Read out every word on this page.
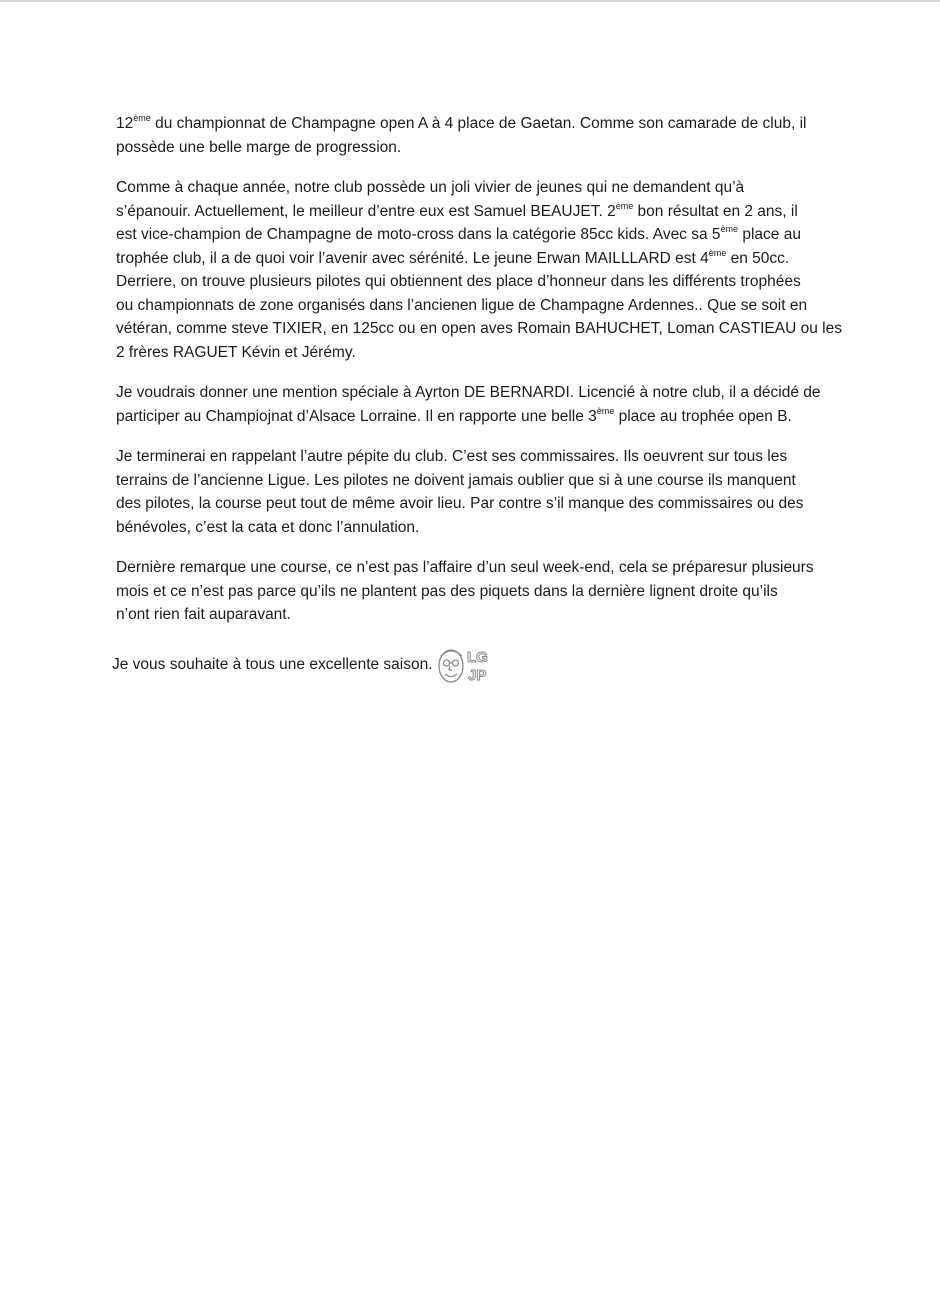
12ème du championnat de Champagne open A à 4 place de Gaetan. Comme son camarade de club, il
possède une belle marge de progression.

Comme à chaque année, notre club possède un joli vivier de jeunes qui ne demandent qu’à
s’épanouir. Actuellement, le meilleur d’entre eux est Samuel BEAUJET. 2ème bon résultat en 2 ans, il
est vice-champion de Champagne de moto-cross dans la catégorie 85cc kids. Avec sa 5ème place au
trophée club, il a de quoi voir l’avenir avec sérénité. Le jeune Erwan MAILLLARD est 4ème en 50cc.
Derriere, on trouve plusieurs pilotes qui obtiennent des place d’honneur dans les différents trophées
ou championnats de zone organisés dans l’ancienen ligue de Champagne Ardennes.. Que se soit en
vétéran, comme steve TIXIER, en 125cc ou en open aves Romain BAHUCHET, Loman CASTIEAU ou les
2 frères RAGUET Kévin et Jérémy.

Je voudrais donner une mention spéciale à Ayrton DE BERNARDI. Licencié à notre club, il a décidé de
participer au Champiojnat d’Alsace Lorraine. Il en rapporte une belle 3ème place au trophée open B.

Je terminerai en rappelant l’autre pépite du club. C’est ses commissaires. Ils oeuvrent sur tous les
terrains de l’ancienne Ligue. Les pilotes ne doivent jamais oublier que si à une course ils manquent
des pilotes, la course peut tout de même avoir lieu. Par contre s’il manque des commissaires ou des
bénévoles, c’est la cata et donc l’annulation.

Dernière remarque une course, ce n’est pas l’affaire d’un seul week-end, cela se préparesur plusieurs
mois et ce n’est pas parce qu’ils ne plantent pas des piquets dans la dernière lignent droite qu’ils
n’ont rien fait auparavant.

Je vous souhaite à tous une excellente saison. LG
JP
